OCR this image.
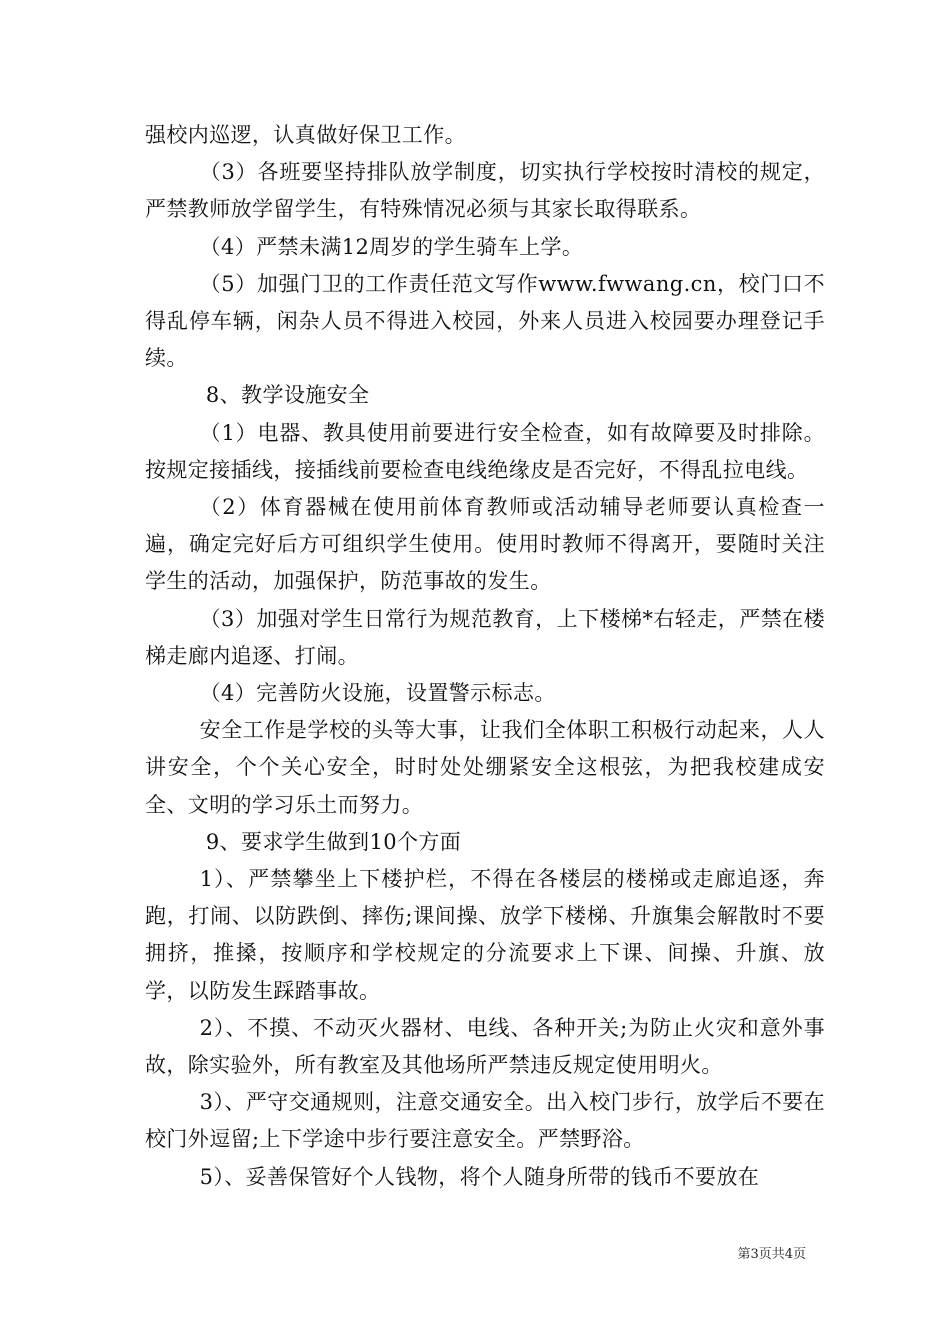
强校内巡逻，认真做好保卫工作。

（3）各班要坚持排队放学制度，切实执行学校按时清校的规定，严禁教师放学留学生，有特殊情况必须与其家长取得联系。

（4）严禁未满12周岁的学生骑车上学。

（5）加强门卫的工作责任范文写作www.fwwang.cn，校门口不得乱停车辆，闲杂人员不得进入校园，外来人员进入校园要办理登记手续。

8、教学设施安全

（1）电器、教具使用前要进行安全检查，如有故障要及时排除。按规定接插线，接插线前要检查电线绝缘皮是否完好，不得乱拉电线。

（2）体育器械在使用前体育教师或活动辅导老师要认真检查一遍，确定完好后方可组织学生使用。使用时教师不得离开，要随时关注学生的活动，加强保护，防范事故的发生。

（3）加强对学生日常行为规范教育，上下楼梯*右轻走，严禁在楼梯走廊内追逐、打闹。

（4）完善防火设施，设置警示标志。

安全工作是学校的头等大事，让我们全体职工积极行动起来，人人讲安全，个个关心安全，时时处处绷紧安全这根弦，为把我校建成安全、文明的学习乐土而努力。

9、要求学生做到10个方面

1）、严禁攀坐上下楼护栏，不得在各楼层的楼梯或走廊追逐，奔跑，打闹、以防跌倒、摔伤;课间操、放学下楼梯、升旗集会解散时不要拥挤，推搡，按顺序和学校规定的分流要求上下课、间操、升旗、放学，以防发生踩踏事故。

2）、不摸、不动灭火器材、电线、各种开关;为防止火灾和意外事故，除实验外，所有教室及其他场所严禁违反规定使用明火。

3）、严守交通规则，注意交通安全。出入校门步行，放学后不要在校门外逗留;上下学途中步行要注意安全。严禁野浴。

5）、妥善保管好个人钱物，将个人随身所带的钱币不要放在

第3页共4页
